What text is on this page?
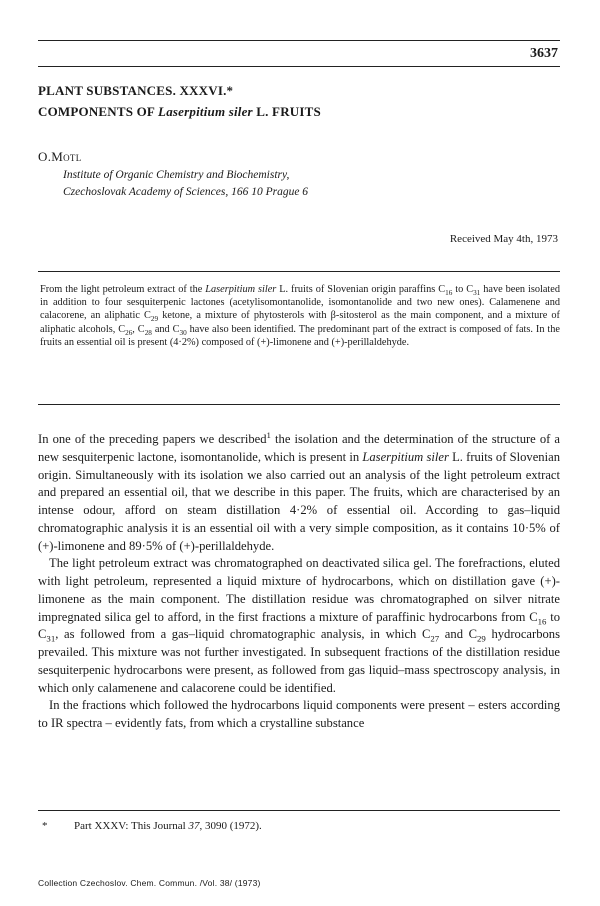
3637
PLANT SUBSTANCES. XXXVI.*
COMPONENTS OF Laserpitium siler L. FRUITS
O.Motl
Institute of Organic Chemistry and Biochemistry,
Czechoslovak Academy of Sciences, 166 10 Prague 6
Received May 4th, 1973
From the light petroleum extract of the Laserpitium siler L. fruits of Slovenian origin paraffins $C_{16}$ to $C_{31}$ have been isolated in addition to four sesquiterpenic lactones (acetylisomontanolide, isomontanolide and two new ones). Calamenene and calacorene, an aliphatic $C_{29}$ ketone, a mixture of phytosterols with β-sitosterol as the main component, and a mixture of aliphatic alcohols, $C_{26}$, $C_{28}$ and $C_{30}$ have also been identified. The predominant part of the extract is composed of fats. In the fruits an essential oil is present (4·2%) composed of (+)-limonene and (+)-perillaldehyde.

In one of the preceding papers we described$^1$ the isolation and the determination of the structure of a new sesquiterpenic lactone, isomontanolide, which is present in Laserpitium siler L. fruits of Slovenian origin. Simultaneously with its isolation we also carried out an analysis of the light petroleum extract and prepared an essential oil, that we describe in this paper. The fruits, which are characterised by an intense odour, afford on steam distillation 4·2% of essential oil. According to gas–liquid chromatographic analysis it is an essential oil with a very simple composition, as it contains 10·5% of (+)-limonene and 89·5% of (+)-perillaldehyde.

The light petroleum extract was chromatographed on deactivated silica gel. The forefractions, eluted with light petroleum, represented a liquid mixture of hydrocarbons, which on distillation gave (+)-limonene as the main component. The distillation residue was chromatographed on silver nitrate impregnated silica gel to afford, in the first fractions a mixture of paraffinic hydrocarbons from $C_{16}$ to $C_{31}$, as followed from a gas–liquid chromatographic analysis, in which $C_{27}$ and $C_{29}$ hydrocarbons prevailed. This mixture was not further investigated. In subsequent fractions of the distillation residue sesquiterpenic hydrocarbons were present, as followed from gas liquid–mass spectroscopy analysis, in which only calamenene and calacorene could be identified.

In the fractions which followed the hydrocarbons liquid components were present – esters according to IR spectra – evidently fats, from which a crystalline substance

* Part XXXV: This Journal 37, 3090 (1972).
Collection Czechoslov. Chem. Commun. /Vol. 38/ (1973)
